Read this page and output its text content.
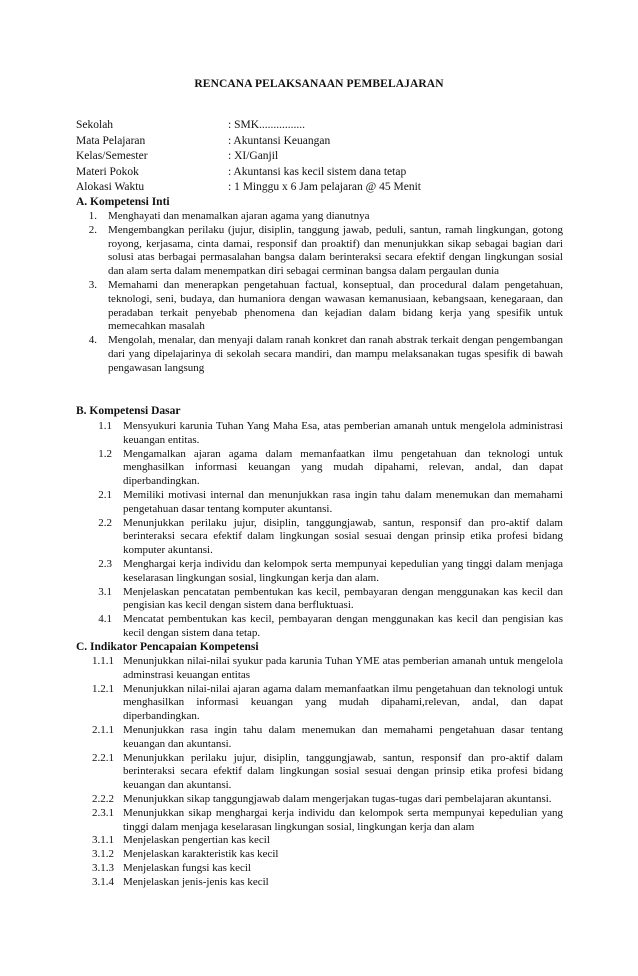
RENCANA PELAKSANAAN PEMBELAJARAN
Sekolah	: SMK................
Mata Pelajaran	: Akuntansi Keuangan
Kelas/Semester	: XI/Ganjil
Materi Pokok	: Akuntansi kas kecil sistem dana tetap
Alokasi Waktu	: 1 Minggu x 6 Jam pelajaran @ 45 Menit
A. Kompetensi Inti
1.	Menghayati dan menamalkan ajaran agama yang dianutnya
2.	Mengembangkan perilaku (jujur, disiplin, tanggung jawab, peduli, santun, ramah lingkungan, gotong royong, kerjasama, cinta damai, responsif dan proaktif) dan menunjukkan sikap sebagai bagian dari solusi atas berbagai permasalahan bangsa dalam berinteraksi secara efektif dengan lingkungan sosial dan alam serta dalam menempatkan diri sebagai cerminan bangsa dalam pergaulan dunia
3.	Memahami dan menerapkan pengetahuan factual, konseptual, dan procedural dalam pengetahuan, teknologi, seni, budaya, dan humaniora dengan wawasan kemanusiaan, kebangsaan, kenegaraan, dan peradaban terkait penyebab phenomena dan kejadian dalam bidang kerja yang spesifik untuk memecahkan masalah
4.	Mengolah, menalar, dan menyaji dalam ranah konkret dan ranah abstrak terkait dengan pengembangan dari yang dipelajarinya di sekolah secara mandiri, dan mampu melaksanakan tugas spesifik di bawah pengawasan langsung
B. Kompetensi Dasar
1.1	Mensyukuri karunia Tuhan Yang Maha Esa, atas pemberian amanah untuk mengelola administrasi keuangan entitas.
1.2	Mengamalkan ajaran agama dalam memanfaatkan ilmu pengetahuan dan teknologi untuk menghasilkan informasi keuangan yang mudah dipahami, relevan, andal, dan dapat diperbandingkan.
2.1	Memiliki motivasi internal dan menunjukkan rasa ingin tahu dalam menemukan dan memahami pengetahuan dasar tentang komputer akuntansi.
2.2	Menunjukkan perilaku jujur, disiplin, tanggungjawab, santun, responsif dan pro-aktif dalam berinteraksi secara efektif dalam lingkungan sosial sesuai dengan prinsip etika profesi bidang komputer akuntansi.
2.3	Menghargai kerja individu dan kelompok serta mempunyai kepedulian yang tinggi dalam menjaga keselarasan lingkungan sosial, lingkungan kerja dan alam.
3.1	Menjelaskan pencatatan pembentukan kas kecil, pembayaran dengan menggunakan kas kecil dan pengisian kas kecil dengan sistem dana berfluktuasi.
4.1	Mencatat pembentukan kas kecil, pembayaran dengan menggunakan kas kecil dan pengisian kas kecil dengan sistem dana tetap.
C. Indikator Pencapaian Kompetensi
1.1.1 Menunjukkan nilai-nilai syukur pada karunia Tuhan YME atas pemberian amanah untuk mengelola adminstrasi keuangan entitas
1.2.1 Menunjukkan nilai-nilai ajaran agama dalam memanfaatkan ilmu pengetahuan dan teknologi untuk menghasilkan informasi keuangan yang mudah dipahami,relevan, andal, dan dapat diperbandingkan.
2.1.1 Menunjukkan rasa ingin tahu dalam menemukan dan memahami pengetahuan dasar tentang keuangan dan akuntansi.
2.2.1 Menunjukkan perilaku jujur, disiplin, tanggungjawab, santun, responsif dan pro-aktif dalam berinteraksi secara efektif dalam lingkungan sosial sesuai dengan prinsip etika profesi bidang keuangan dan akuntansi.
2.2.2 Menunjukkan sikap tanggungjawab dalam mengerjakan tugas-tugas dari pembelajaran akuntansi.
2.3.1 Menunjukkan sikap menghargai kerja individu dan kelompok serta mempunyai kepedulian yang tinggi dalam menjaga keselarasan lingkungan sosial, lingkungan kerja dan alam
3.1.1 Menjelaskan pengertian kas kecil
3.1.2 Menjelaskan karakteristik kas kecil
3.1.3 Menjelaskan fungsi kas kecil
3.1.4 Menjelaskan jenis-jenis kas kecil
